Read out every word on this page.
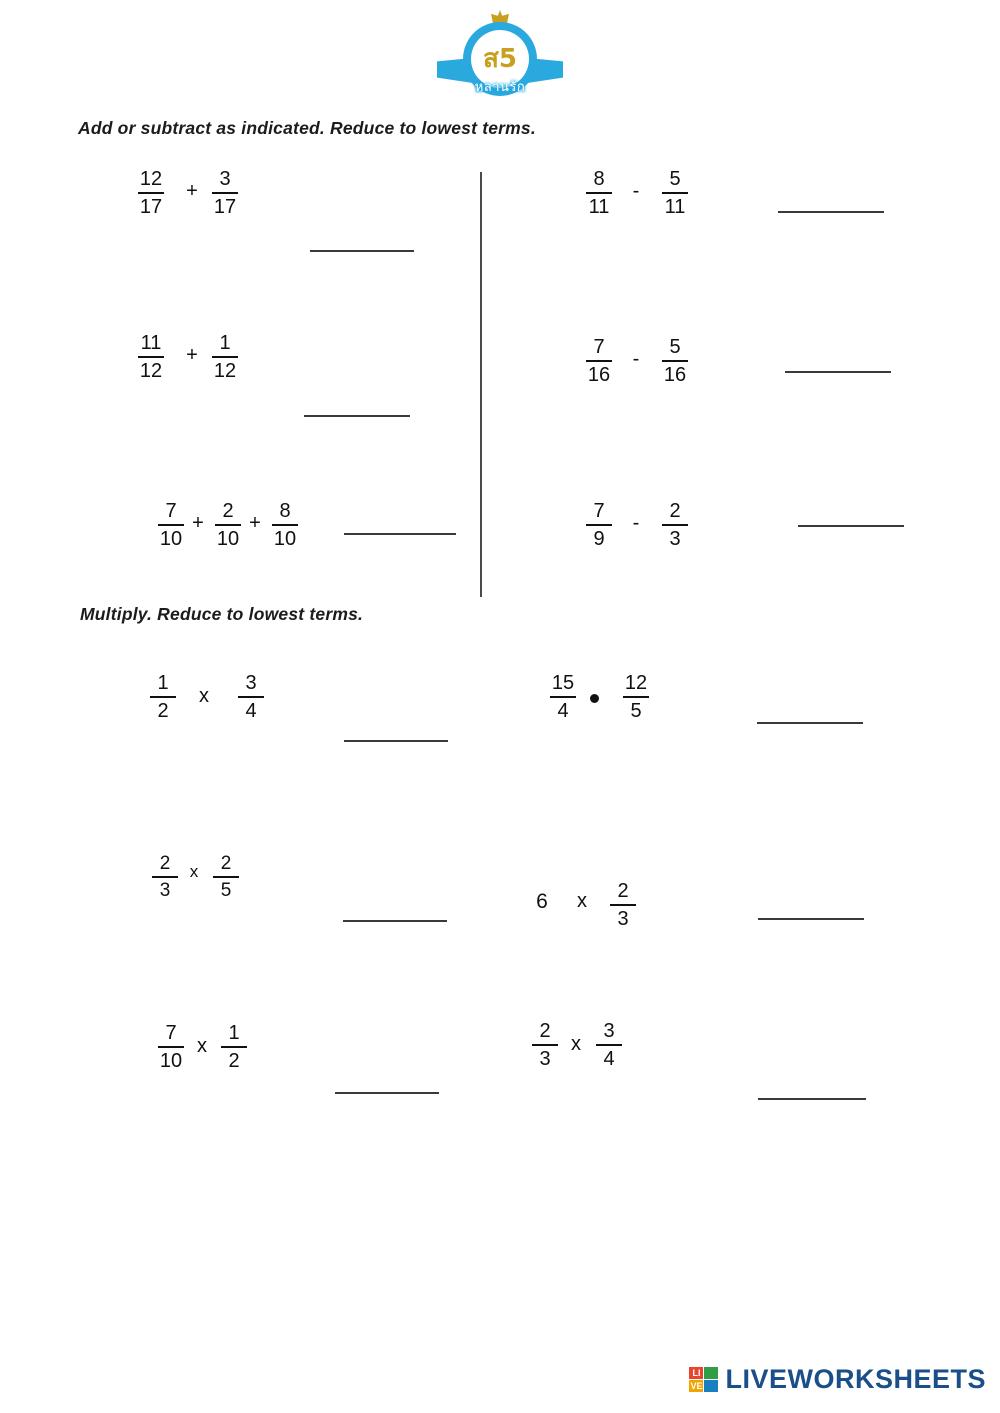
ส5
หลานรัก
Add or subtract as indicated. Reduce to lowest terms.
12
17
+
3
17
11
12
+
1
12
7
10
+
2
10
+
8
10
8
11
-
5
11
7
16
-
5
16
7
9
-
2
3
Multiply. Reduce to lowest terms.
1
2
x
3
4
15
4
12
5
2
3
x	2
5	6	x	2
3
7
10
x
1
2
2
3
x
3
4
LI
VE LIVEWORKSHEETS
